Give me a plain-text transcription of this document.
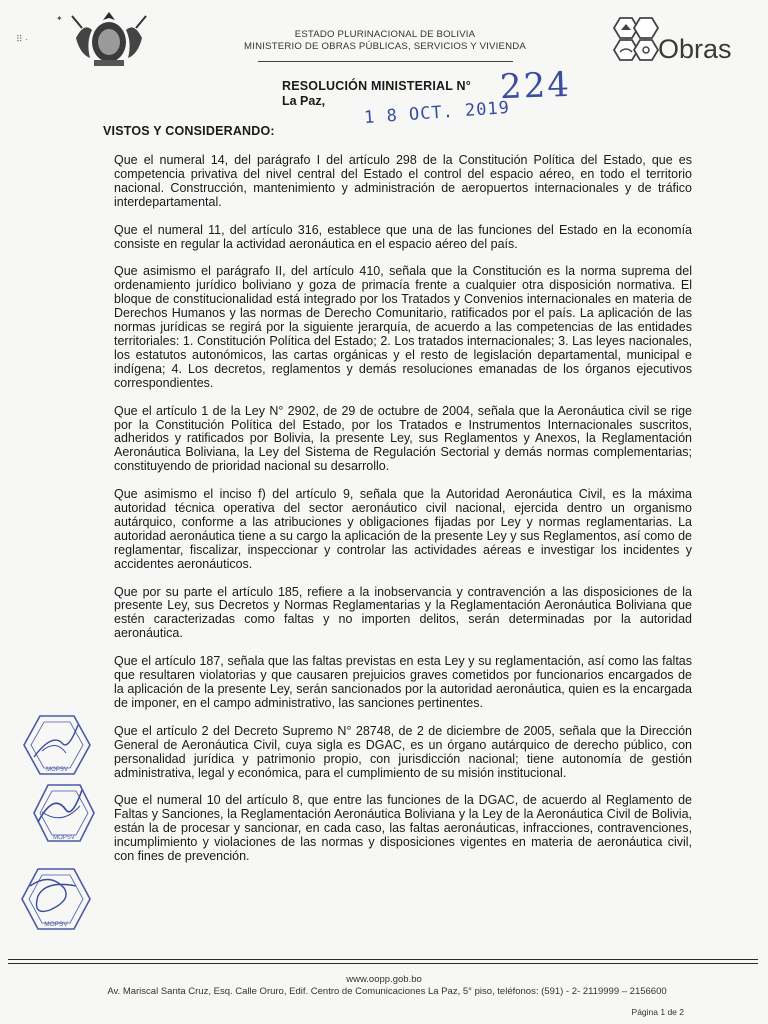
✦
⠿ ·	ESTADO PLURINACIONAL DE BOLIVIA
MINISTERIO DE OBRAS PÚBLICAS, SERVICIOS Y VIVIENDA	Obras
RESOLUCIÓN MINISTERIAL N°
La Paz,	224
1 8 OCT. 2019
VISTOS Y CONSIDERANDO:

Que el numeral 14, del parágrafo I del artículo 298 de la Constitución Política del Estado, que es competencia privativa del nivel central del Estado el control del espacio aéreo, en todo el territorio nacional. Construcción, mantenimiento y administración de aeropuertos internacionales y de tráfico interdepartamental.

Que el numeral 11, del artículo 316, establece que una de las funciones del Estado en la economía consiste en regular la actividad aeronáutica en el espacio aéreo del país.

Que asimismo el parágrafo II, del artículo 410, señala que la Constitución es la norma suprema del ordenamiento jurídico boliviano y goza de primacía frente a cualquier otra disposición normativa. El bloque de constitucionalidad está integrado por los Tratados y Convenios internacionales en materia de Derechos Humanos y las normas de Derecho Comunitario, ratificados por el país. La aplicación de las normas jurídicas se regirá por la siguiente jerarquía, de acuerdo a las competencias de las entidades territoriales: 1. Constitución Política del Estado; 2. Los tratados internacionales; 3. Las leyes nacionales, los estatutos autonómicos, las cartas orgánicas y el resto de legislación departamental, municipal e indígena; 4. Los decretos, reglamentos y demás resoluciones emanadas de los órganos ejecutivos correspondientes.

Que el artículo 1 de la Ley N° 2902, de 29 de octubre de 2004, señala que la Aeronáutica civil se rige por la Constitución Política del Estado, por los Tratados e Instrumentos Internacionales suscritos, adheridos y ratificados por Bolivia, la presente Ley, sus Reglamentos y Anexos, la Reglamentación Aeronáutica Boliviana, la Ley del Sistema de Regulación Sectorial y demás normas complementarias; constituyendo de prioridad nacional su desarrollo.

Que asimismo el inciso f) del artículo 9, señala que la Autoridad Aeronáutica Civil, es la máxima autoridad técnica operativa del sector aeronáutico civil nacional, ejercida dentro un organismo autárquico, conforme a las atribuciones y obligaciones fijadas por Ley y normas reglamentarias. La autoridad aeronáutica tiene a su cargo la aplicación de la presente Ley y sus Reglamentos, así como de reglamentar, fiscalizar, inspeccionar y controlar las actividades aéreas e investigar los incidentes y accidentes aeronáuticos.

Que por su parte el artículo 185, refiere a la inobservancia y contravención a las disposiciones de la presente Ley, sus Decretos y Normas Reglamentarias y la Reglamentación Aeronáutica Boliviana que estén caracterizadas como faltas y no importen delitos, serán determinadas por la autoridad aeronáutica.

Que el artículo 187, señala que las faltas previstas en esta Ley y su reglamentación, así como las faltas que resultaren violatorias y que causaren prejuicios graves cometidos por funcionarios encargados de la aplicación de la presente Ley, serán sancionados por la autoridad aeronáutica, quien es la encargada de imponer, en el campo administrativo, las sanciones pertinentes.

Que el artículo 2 del Decreto Supremo N° 28748, de 2 de diciembre de 2005, señala que la Dirección General de Aeronáutica Civil, cuya sigla es DGAC, es un órgano autárquico de derecho público, con personalidad jurídica y patrimonio propio, con jurisdicción nacional; tiene autonomía de gestión administrativa, legal y económica, para el cumplimiento de su misión institucional.

Que el numeral 10 del artículo 8, que entre las funciones de la DGAC, de acuerdo al Reglamento de Faltas y Sanciones, la Reglamentación Aeronáutica Boliviana y la Ley de la Aeronáutica Civil de Bolivia, están la de procesar y sancionar, en cada caso, las faltas aeronáuticas, infracciones, contravenciones, incumplimiento y violaciones de las normas y disposiciones vigentes en materia de aeronáutica civil, con fines de prevención.

MOPSV
MOPSV
MOPSV
www.oopp.gob.bo
Av. Mariscal Santa Cruz, Esq. Calle Oruro, Edif. Centro de Comunicaciones La Paz, 5° piso, teléfonos: (591) - 2- 2119999 – 2156600
Página 1 de 2
